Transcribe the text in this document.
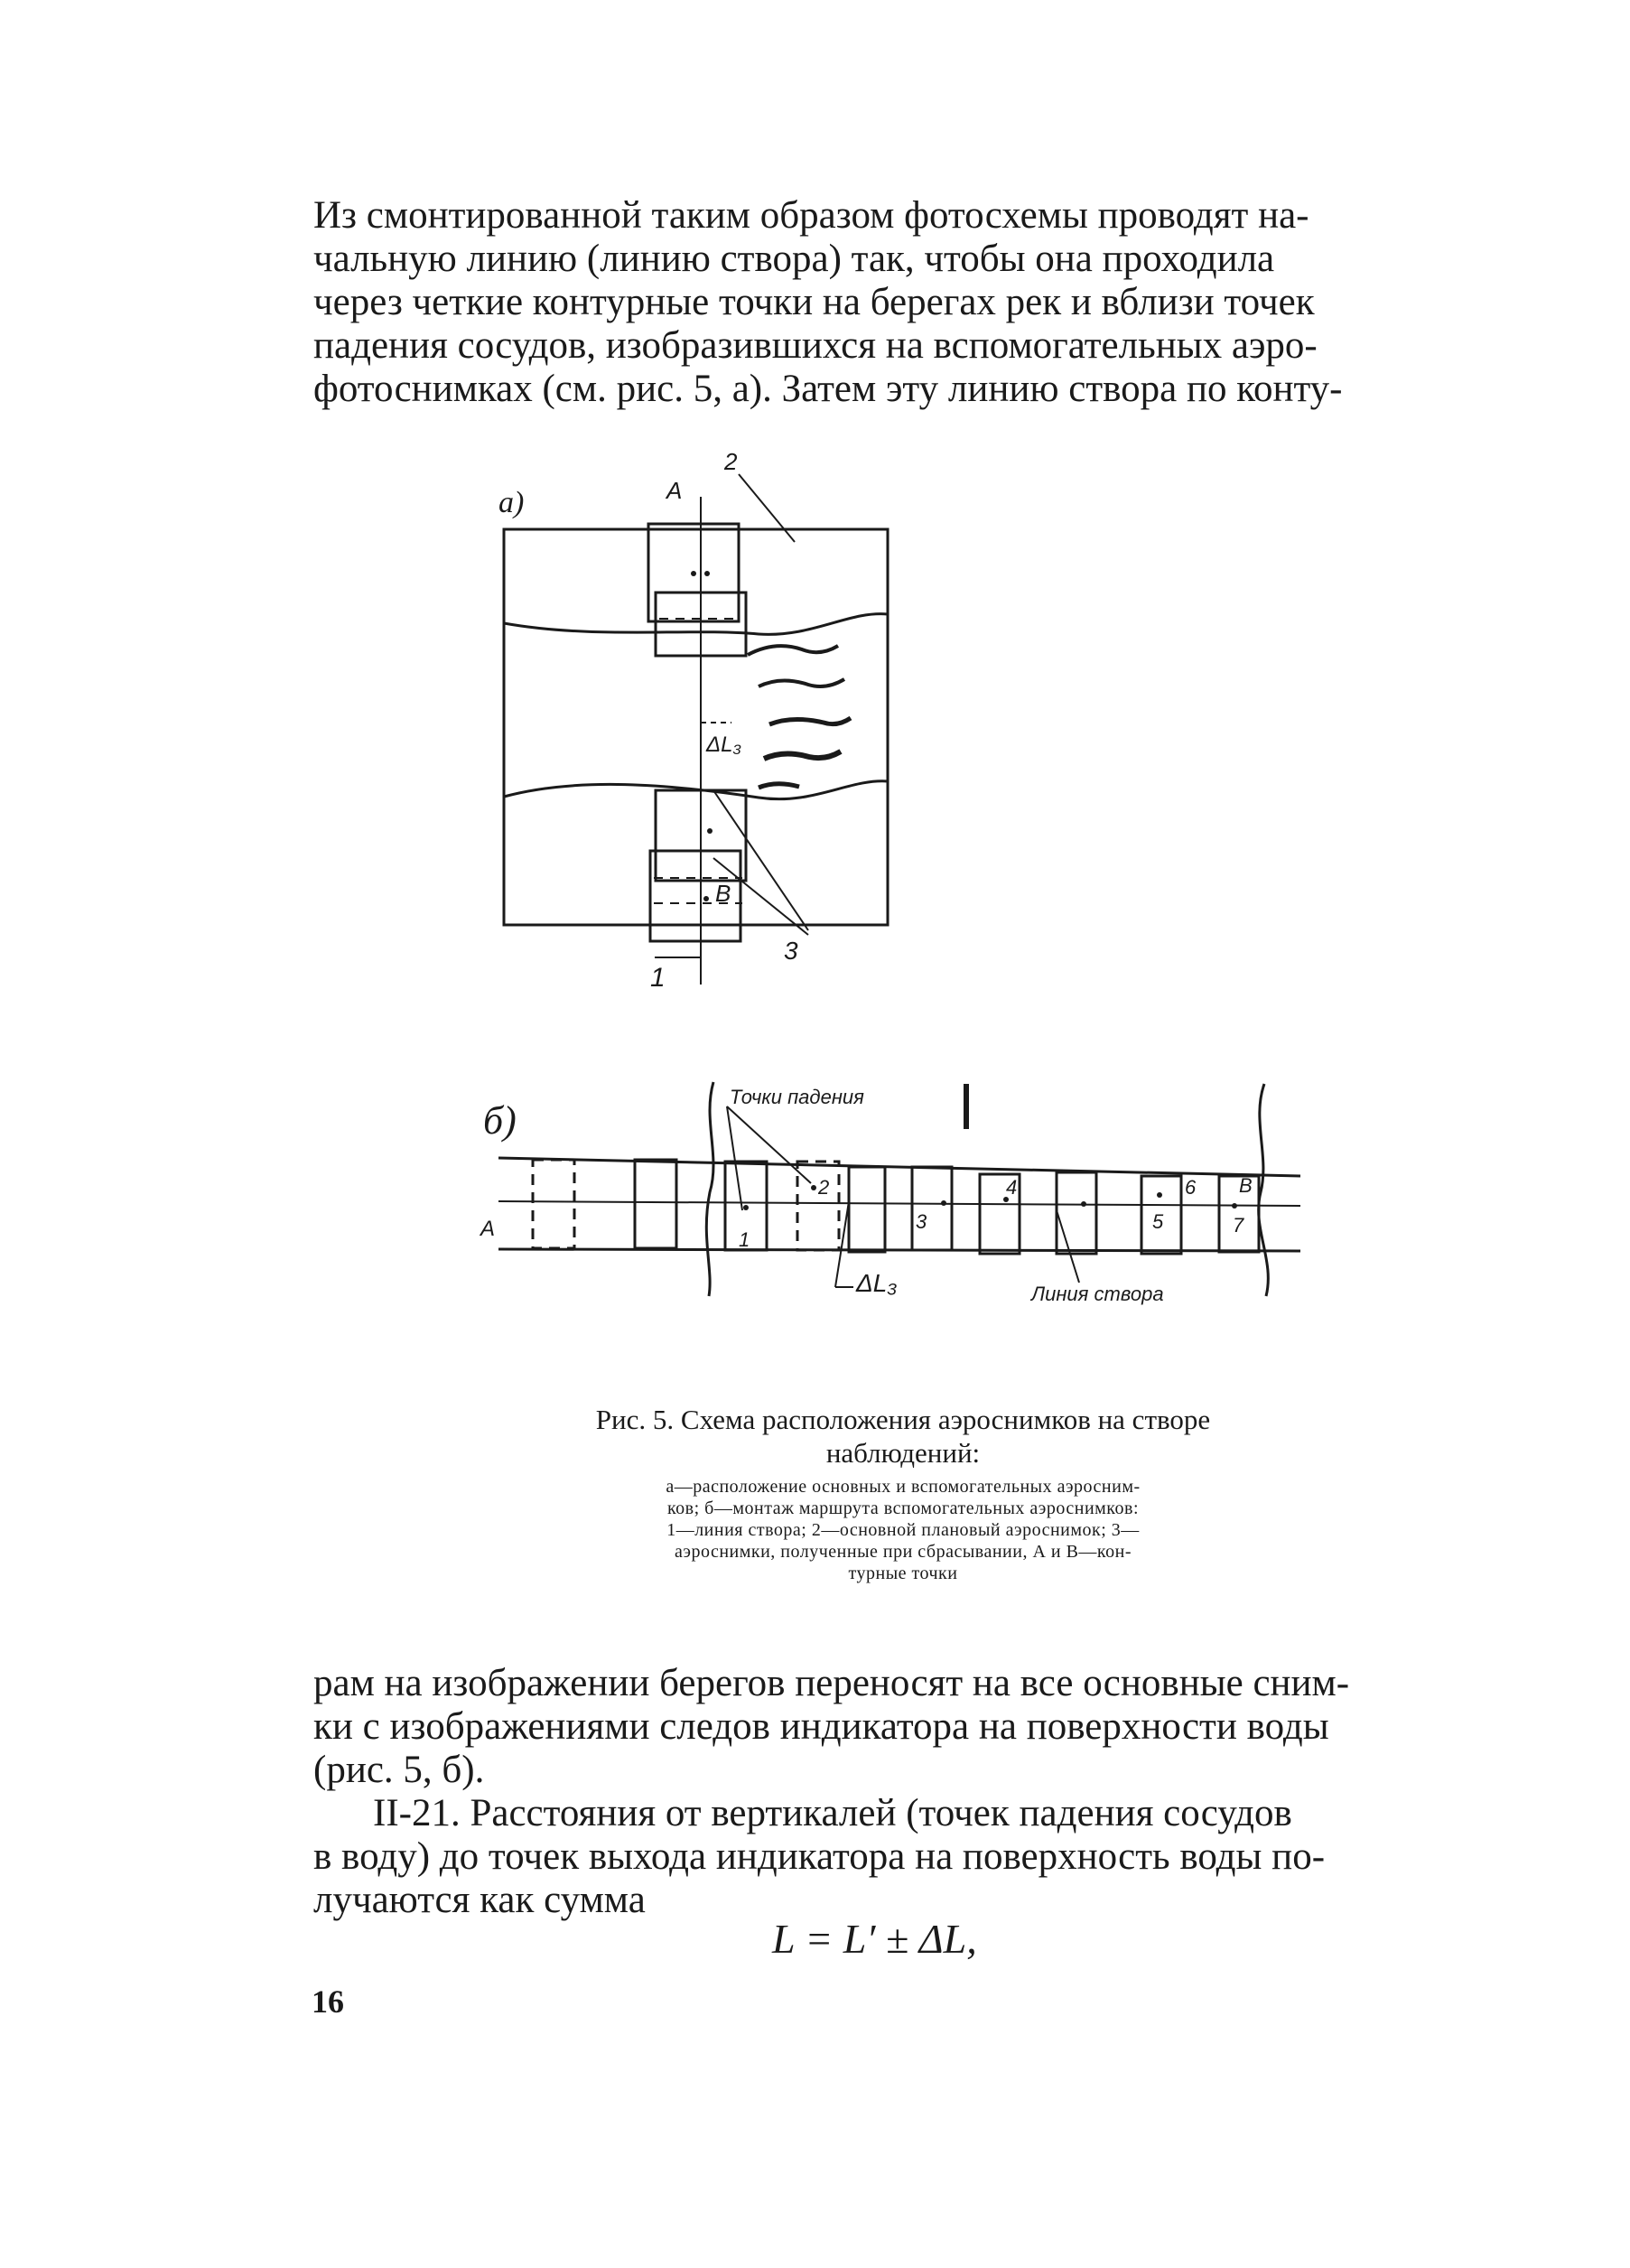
Из смонтированной таким образом фотосхемы проводят на-
чальную линию (линию створа) так, чтобы она проходила
через четкие контурные точки на берегах рек и вблизи точек
падения сосудов, изобразившихся на вспомогательных аэро-
фотоснимках (см. рис. 5, а). Затем эту линию створа по конту-

а)	А
В
1
2
3
ΔL₃
А
В
Точки падения
1
2
3
4
5
6
7
ΔL₃	Линия створа
б)
Рис. 5. Схема расположения аэроснимков на створе
наблюдений:
а—расположение основных и вспомогательных аэросним-
ков; б—монтаж маршрута вспомогательных аэроснимков:
1—линия створа; 2—основной плановый аэроснимок; 3—
аэроснимки, полученные при сбрасывании, А и В—кон-
турные точки

рам на изображении берегов переносят на все основные сним-
ки с изображениями следов индикатора на поверхности воды
(рис. 5, б).
II-21. Расстояния от вертикалей (точек падения сосудов
в воду) до точек выхода индикатора на поверхность воды по-
лучаются как сумма

L = L′ ± ΔL,
16
